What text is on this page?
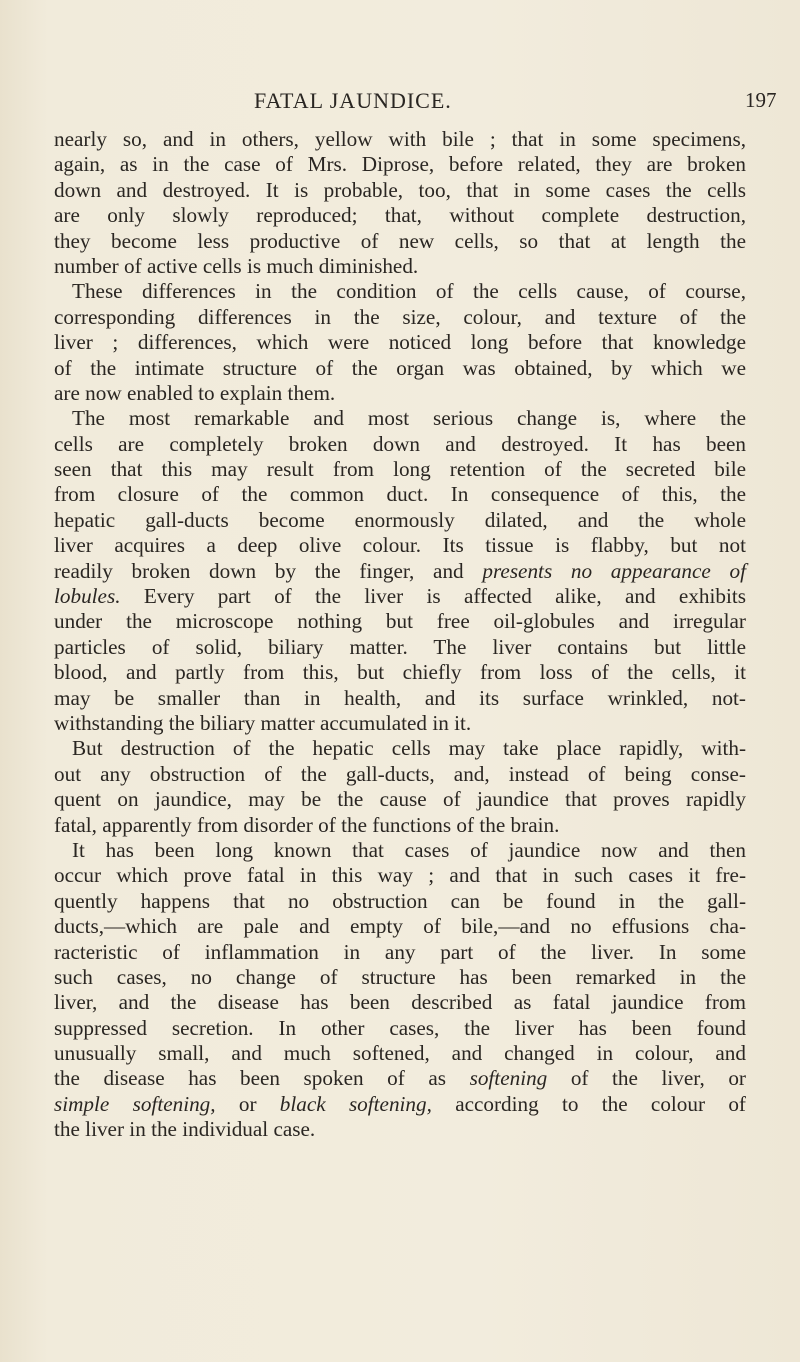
FATAL JAUNDICE.	197
nearly so, and in others, yellow with bile ; that in some specimens,
again, as in the case of Mrs. Diprose, before related, they are broken
down and destroyed. It is probable, too, that in some cases the cells
are only slowly reproduced; that, without complete destruction,
they become less productive of new cells, so that at length the
number of active cells is much diminished.
These differences in the condition of the cells cause, of course,
corresponding differences in the size, colour, and texture of the
liver ; differences, which were noticed long before that knowledge
of the intimate structure of the organ was obtained, by which we
are now enabled to explain them.
The most remarkable and most serious change is, where the
cells are completely broken down and destroyed. It has been
seen that this may result from long retention of the secreted bile
from closure of the common duct. In consequence of this, the
hepatic gall-ducts become enormously dilated, and the whole
liver acquires a deep olive colour. Its tissue is flabby, but not
readily broken down by the finger, and presents no appearance of
lobules. Every part of the liver is affected alike, and exhibits
under the microscope nothing but free oil-globules and irregular
particles of solid, biliary matter. The liver contains but little
blood, and partly from this, but chiefly from loss of the cells, it
may be smaller than in health, and its surface wrinkled, not-
withstanding the biliary matter accumulated in it.
But destruction of the hepatic cells may take place rapidly, with-
out any obstruction of the gall-ducts, and, instead of being conse-
quent on jaundice, may be the cause of jaundice that proves rapidly
fatal, apparently from disorder of the functions of the brain.
It has been long known that cases of jaundice now and then
occur which prove fatal in this way ; and that in such cases it fre-
quently happens that no obstruction can be found in the gall-
ducts,—which are pale and empty of bile,—and no effusions cha-
racteristic of inflammation in any part of the liver. In some
such cases, no change of structure has been remarked in the
liver, and the disease has been described as fatal jaundice from
suppressed secretion. In other cases, the liver has been found
unusually small, and much softened, and changed in colour, and
the disease has been spoken of as softening of the liver, or
simple softening, or black softening, according to the colour of
the liver in the individual case.
